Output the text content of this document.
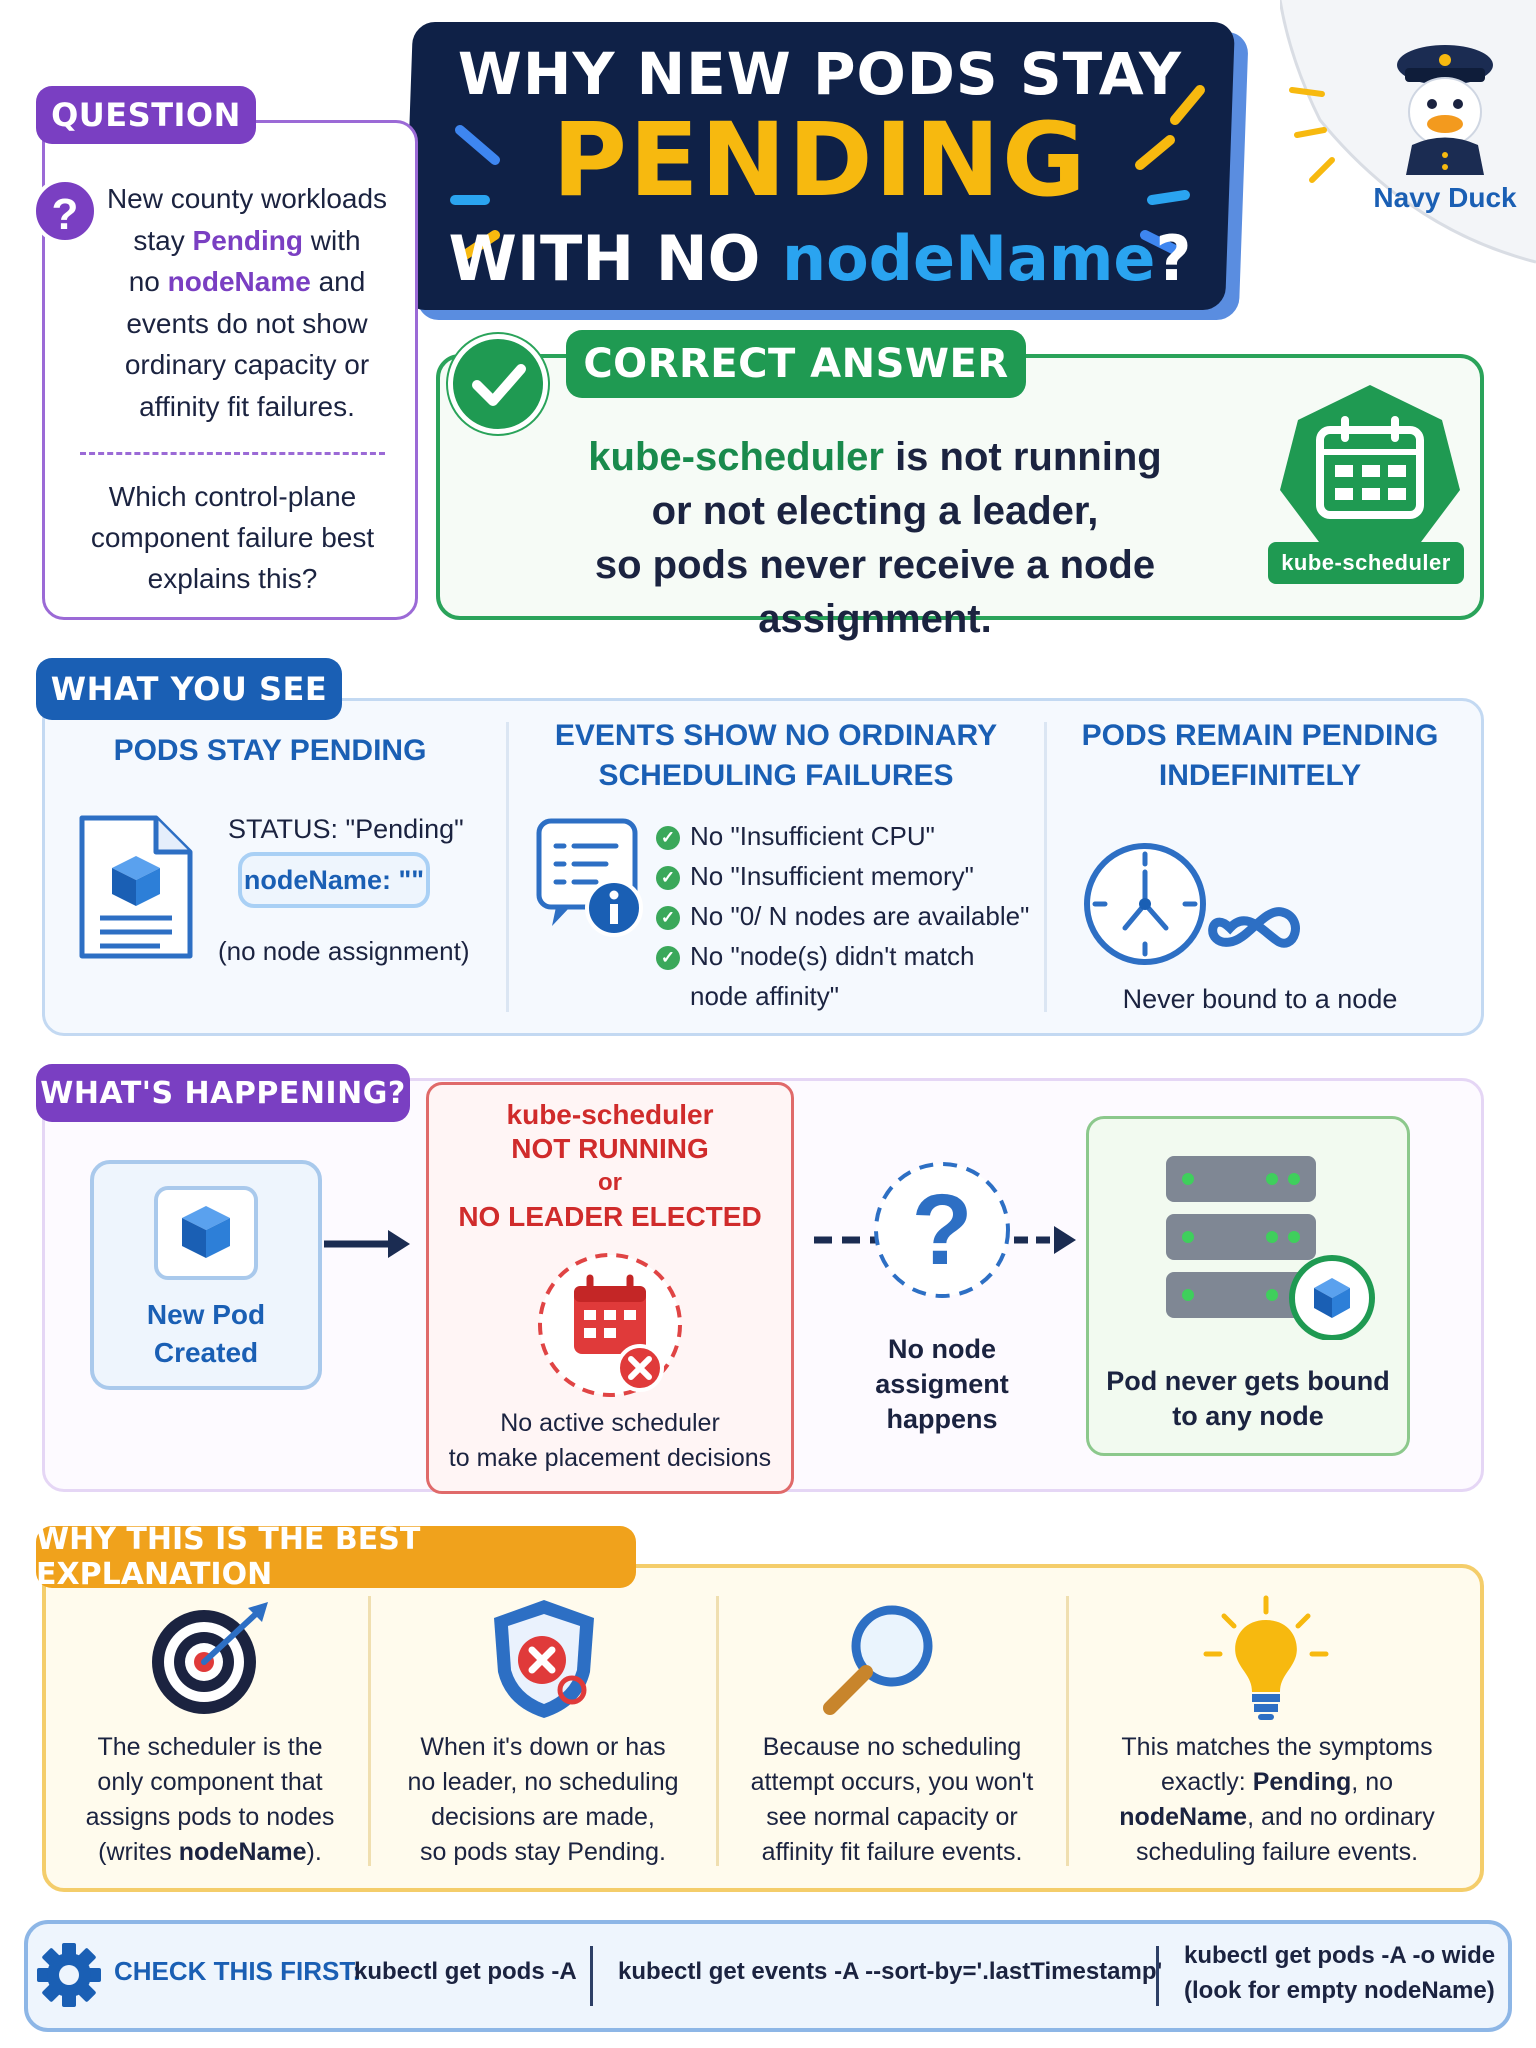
WHY NEW PODS STAY
PENDING
WITH NO nodeName?
Navy Duck
QUESTION
?	New county workloads
stay Pending with
no nodeName and
events do not show
ordinary capacity or
affinity fit failures.
Which control-plane
component failure best
explains this?
CORRECT ANSWER
kube-scheduler is not running
or not electing a leader,
so pods never receive a node assignment.
kube-scheduler
WHAT YOU SEE
PODS STAY PENDING
STATUS: "Pending"
nodeName: ""
(no node assignment)
EVENTS SHOW NO ORDINARY
SCHEDULING FAILURES
✓ No "Insufficient CPU"
✓ No "Insufficient memory"
✓ No "0/ N nodes are available"
✓ No "node(s) didn't match
node affinity"
PODS REMAIN PENDING
INDEFINITELY
Never bound to a node
WHAT'S HAPPENING?
New Pod
Created
kube-scheduler
NOT RUNNING
or
NO LEADER ELECTED
No active scheduler
to make placement decisions
?
No node
assigment
happens
Pod never gets bound
to any node
WHY THIS IS THE BEST EXPLANATION
The scheduler is the
only component that
assigns pods to nodes
(writes nodeName).
When it's down or has
no leader, no scheduling
decisions are made,
so pods stay Pending.
Because no scheduling
attempt occurs, you won't
see normal capacity or
affinity fit failure events.
This matches the symptoms
exactly: Pending, no
nodeName, and no ordinary
scheduling failure events.
CHECK THIS FIRST:
kubectl get pods -A kubectl get events -A --sort-by='.lastTimestamp'
kubectl get pods -A -o wide
(look for empty nodeName)
